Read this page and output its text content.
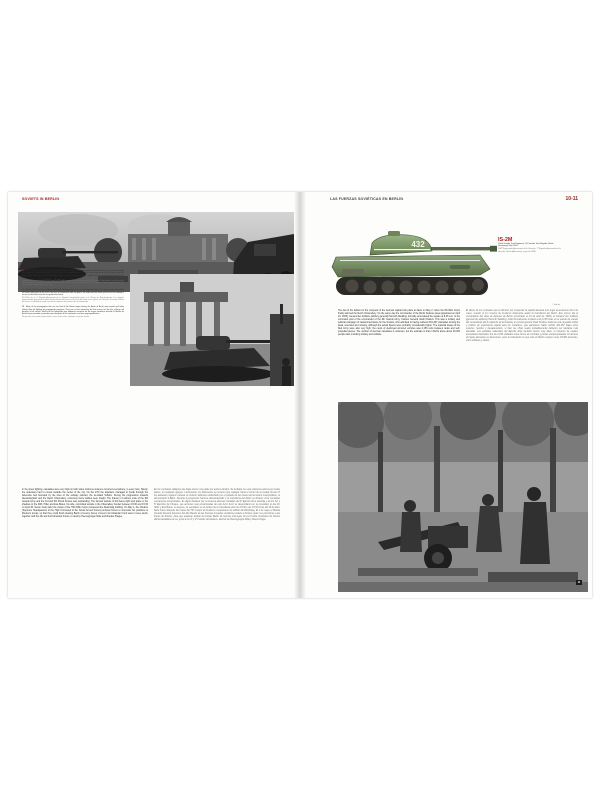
SOVIETS IN BERLIN

11 The IS-2s (142 mm D-25T L/43 self-propelled guns whose maximum range was 14,000 meters, fired armor-piercing ammunition at a muzzle velocity of 790 m/s) fired their ammunition at 750 m/s); in the direction of the Reichstag, firing HE-rounds from 1,000 meters and 1,200 from 2,000 meters. Each projectile had a weight of 25 kg and propellant charges of 9 kg.
El calibre de los obuses IS-2 (122 mm D-25T L/43, con un alcance máximo de 14.000 metros) disparaban en dirección al Reichstag, con proyectiles de alto explosivo desde 1.000 metros y 1.200 desde 2.000 metros. Cada proyectil pesaba 25 kg y su carga propulsora era de 9 kg.

12 IS-2m of the 7th Guards Armored Brigade photographed near the Brandenburg Gate. The dense angles formed by the lower front plate of the hull in the area of connection with the glacis; the sides and the lower part of the hull, identify it as one of the tanks from the 1st production batch.
El IS-2m de la 7ª Brigada Acorazada de la Guardia fotografiado junto a la Puerta de Brandenburgo. Los ángulos pronunciados que forma la placa frontal inferior del casco en la zona de unión con el glacis, los laterales y la parte inferior del casco, lo identifican como uno de los tanques del primer lote de producción.

13 Many of the photographs that we can find of the Soviet troops during the Battle of Berlin were posed and taken shortly after the fighting for propaganda purposes. They are no less interesting for that reason, but the line of these will become in full version. Mucho de las fotografías que podemos encontrar de las tropas soviéticas durante la Batalla de Berlín fueron posadas y tomadas poco después de los combates con fines propagandísticos.
No por ello son menos interesantes, como la de estos soldados en plena acción.

In the street fighting, casualties were very high on both sides. Extreme violence occurred everywhere, in every hole. Slowly, the defenders had to retreat towards the center of the city. On the 27th the attackers managed to break through the defensive belt bounded by the lines of the subway railroad, the so-called S-Bahn. During the progression towards Alexanderplatz and the Reich Chancellery, extremely fierce battles were fought. The bravery of various units of the 8th Guards Army and the 3rd and 5th Shock Armies was outstanding. The fiercest actions of this fierce fight took place in the shadow on the 29th. Hitler and Eva Braun, his wife, committed suicide in the Chancellery bunker between 15:00 and 15:30 on April 30. Seven hours later the troops of the 79th Rifle Corps conquered the Reichstag building. On May 1, the Chuikov (Supreme Headquarters of the High Command of the Soviet Armed Forces) ordered Konev to surrender his positions to Zhukov's troops, so that they could finish clearing Berlin of enemy forces. Konev's 1st Ukrainian Front was to move south, together with the 4th and 2nd Ukrainian Fronts, to destroy Heeresgruppe Mitte and liberate Prague.
En los combates callejeros las bajas fueron muy altas por ambos bandos. Se luchaba con una violencia extrema por todas partes, en cualquier agujero. Lentamente, los defensores se tuvieron que replegar hacia el centro de la ciudad. El día 27 los atacantes lograron rebasar el cinturón defensivo delimitado por el trazado de las líneas del ferrocarril metropolitano, el denominado S-Bahn. Durante la progresión hacia la Alexanderplatz y la Cancillería del Reich se libraron unos combates sumamente encarnizados. Es digno destacar por su bravura diversas unidades del 8º Ejército de la Guardia y de los 3er y 5º Ejércitos de Choque. Las acciones más encarnizadas de este feroz feroz se desarrollaron en la oscuridad, el día 29. Hitler y Eva Braun, su esposa, se suicidaron en el búnker de la Cancillería entre las 15:00 y las 15:30 horas del 30 de abril. Siete horas después las tropas del 79º Cuerpo de Fusileros conquistaron el edificio del Reichstag. El 1 de mayo el Stavka (Cuartel General Supremo del Alto Mando de las Fuerzas Armadas soviéticas) ordenó a Kóniev ceder sus posiciones a las tropas de Zhúkov, para que pudieran acabar de limpiar Berlín de fuerzas enemigas. El 1er Frente Ucraniano de Kóniev debía trasladarse al sur, junto a los 4º y 2º Frentes Ucranianos, destruir al Heeresgruppe Mitte y liberar Praga.
LAS FUERZAS SOVIÉTICAS EN BERLÍN	10-11
432	IS-2M
104th Guards Tank Regiment, 7th Guards Tank Brigade, Berlin (Germany), May 1945.
104º Regimiento Acorazado de la Guardia, 7ª Brigada Acorazada de la Guardia, Berlín (Alemania), mayo de 1945.
© Jörg Sm.
The last of the battles for the conquest of the German capital took place at dawn on May 2, when the 8th Rifle Corps finally stormed the Reich Chancellery. On the same day the commander of the Berlin Defense Area (appointed on April 23, 1945), General der Artillerie (artillery general) Helmuth Weidling, formally surrendered the square at 6:45 a.m. to the command post of the commander of the 8th Guards Army, Colonel General Vasili Chuikov. This was a military and political campaign of capital importance for the Soviets, who admitted to having suffered 361,367 casualties among the dead, wounded and missing, although the actual figures were probably considerably higher. The material losses of the Red Army were also very high; the count of destroyed armored vehicles was 2,156 units between tanks and self-propelled pieces. The number of German casualties is unknown, but the estimate is that in Berlin alone about 45,000 people died, including military and civilians.
El último de los combates que se libraron por conquistar la capital alemana tuvo lugar al amanecer del 2 de mayo, cuando el 8.o Cuerpo de Fusileros finalmente asaltó la Cancillería del Reich. Ese mismo día el comandante del Área de defensa de Berlín (nombrado el 23 de abril de 1945), el General der Artillerie (general de artillería) Helmuth Weidling, rindió formalmente la plaza a las 6:45 horas en el puesto de mando del comandante del 8.o Ejército de la Guardia, el coronel general Vasili Chuikov. Esta fue una campaña militar y política de importancia capital para los soviéticos, que admitieron haber sufrido 361.367 bajas entre muertos, heridos y desaparecidos, si bien las cifras reales probablemente debieron ser bastante más elevadas. Las pérdidas materiales del Ejército Rojo también fueron muy altas; el cómputo de medios acorazados destruidos fue de 2.156 unidades entre carros de combate y piezas autopropulsadas. El número de bajas alemanas se desconoce, pero la estimación es que sólo en Berlín cayeron unas 45.000 personas, entre militares y civiles.
11
